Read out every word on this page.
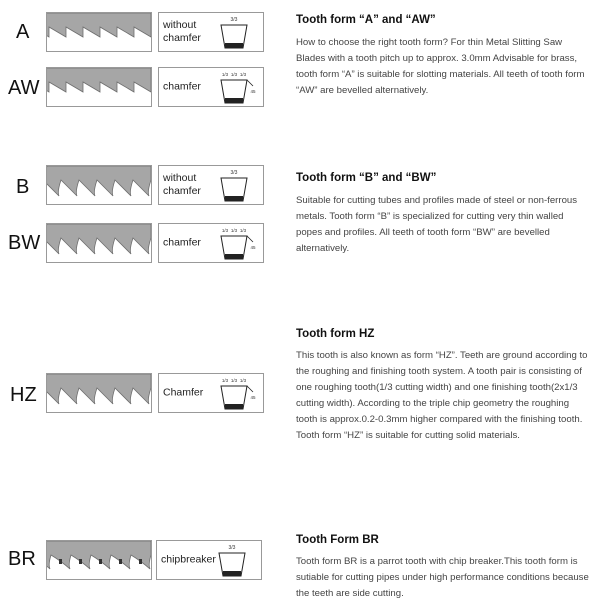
A	without
chamfer
3/3
AW	chamfer
1/3 1/3 1/3
45
Tooth form “A” and “AW”
How to choose the right tooth form? For thin Metal Slitting Saw Blades with a tooth pitch up to approx. 3.0mm Advisable for brass, tooth form “A” is suitable for slotting materials. All teeth of tooth form “AW” are bevelled alternatively.
B	without
chamfer
3/3
BW	chamfer
1/3 1/3 1/3
45
Tooth form “B” and “BW”
Suitable for cutting tubes and profiles made of steel or non-ferrous metals. Tooth form “B” is specialized for cutting very thin walled popes and profiles. All teeth of tooth form “BW” are bevelled alternatively.
HZ	Chamfer
1/3 1/3 1/3
45
Tooth form HZ
This tooth is also known as form “HZ”. Teeth are ground according to the roughing and finishing tooth system. A tooth pair is consisting of one roughing tooth(1/3 cutting width) and one finishing tooth(2x1/3 cutting width). According to the triple chip geometry the roughing tooth is approx.0.2-0.3mm higher compared with the finishing tooth. Tooth form “HZ” is suitable for cutting solid materials.
BR	chipbreaker
3/3
Tooth Form BR
Tooth form BR is a parrot tooth with chip breaker.This tooth form is sutiable for cutting pipes under high performance conditions because the teeth are side cutting.
